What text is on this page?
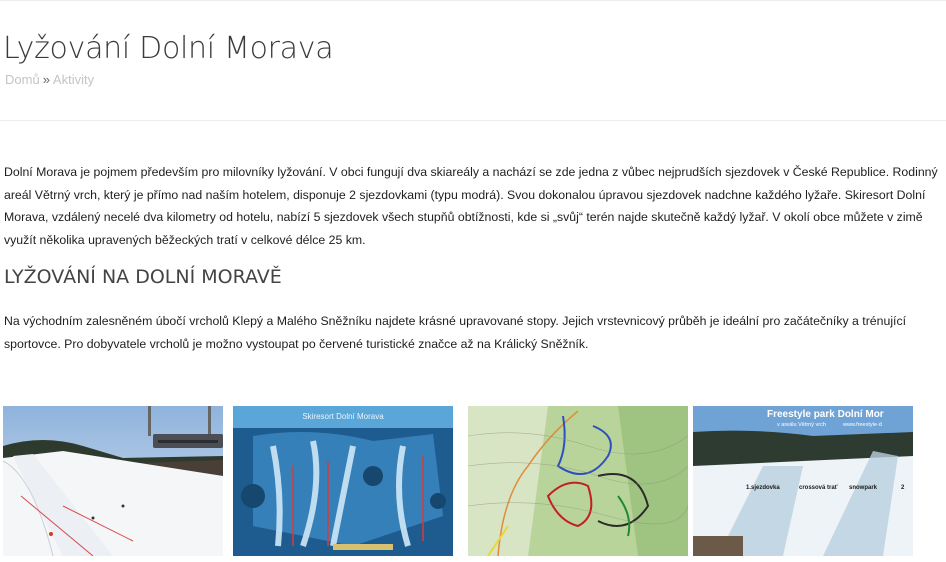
Lyžování Dolní Morava
Domů » Aktivity

Dolní Morava je pojmem především pro milovníky lyžování. V obci fungují dva skiareály a nachází se zde jedna z vůbec nejprudších sjezdovek v České Republice. Rodinný areál Větrný vrch, který je přímo nad naším hotelem, disponuje 2 sjezdovkami (typu modrá). Svou dokonalou úpravou sjezdovek nadchne každého lyžaře. Skiresort Dolní Morava, vzdálený necelé dva kilometry od hotelu, nabízí 5 sjezdovek všech stupňů obtížnosti, kde si „svůj“ terén najde skutečně každý lyžař. V okolí obce můžete v zimě využít několika upravených běžeckých tratí v celkové délce 25 km.

LYŽOVÁNÍ NA DOLNÍ MORAVĚ

Na východním zalesněném úbočí vrcholů Klepý a Malého Sněžníku najdete krásné upravované stopy. Jejich vrstevnicový průběh je ideální pro začátečníky a trénující sportovce. Pro dobyvatele vrcholů je možno vystoupat po červené turistické značce až na Králický Sněžník.

Skiresort Dolní Morava	Freestyle park Dolní Mor
v areálu Větrný vrch	www.freestyle-d
1.sjezdovka	crossová trať snowpark	2
